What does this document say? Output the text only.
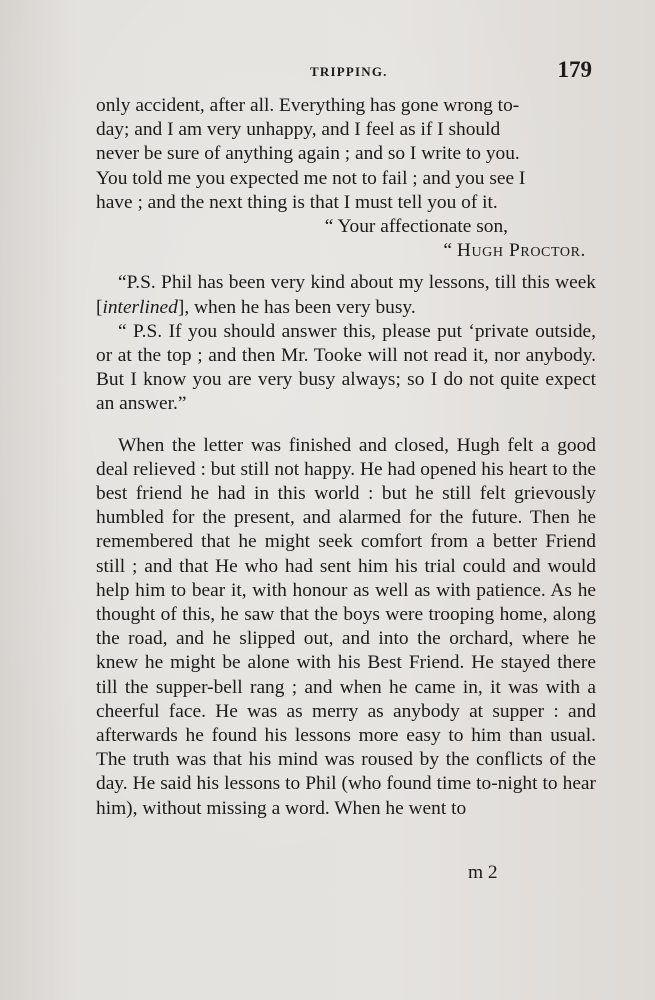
TRIPPING.	179

only accident, after all. Everything has gone wrong to-

day; and I am very unhappy, and I feel as if I should

never be sure of anything again ; and so I write to you.

You told me you expected me not to fail ; and you see I

have ; and the next thing is that I must tell you of it.

“ Your affectionate son,

“ Hugh Proctor.

“P.S. Phil has been very kind about my lessons, till this week [interlined], when he has been very busy.

“ P.S. If you should answer this, please put ‘private outside, or at the top ; and then Mr. Tooke will not read it, nor anybody. But I know you are very busy always; so I do not quite expect an answer.”

When the letter was finished and closed, Hugh felt a good deal relieved : but still not happy. He had opened his heart to the best friend he had in this world : but he still felt grievously humbled for the present, and alarmed for the future. Then he remembered that he might seek comfort from a better Friend still ; and that He who had sent him his trial could and would help him to bear it, with honour as well as with patience. As he thought of this, he saw that the boys were trooping home, along the road, and he slipped out, and into the orchard, where he knew he might be alone with his Best Friend. He stayed there till the supper-bell rang ; and when he came in, it was with a cheerful face. He was as merry as anybody at supper : and afterwards he found his lessons more easy to him than usual. The truth was that his mind was roused by the conflicts of the day. He said his lessons to Phil (who found time to-night to hear him), without missing a word. When he went to

m 2
